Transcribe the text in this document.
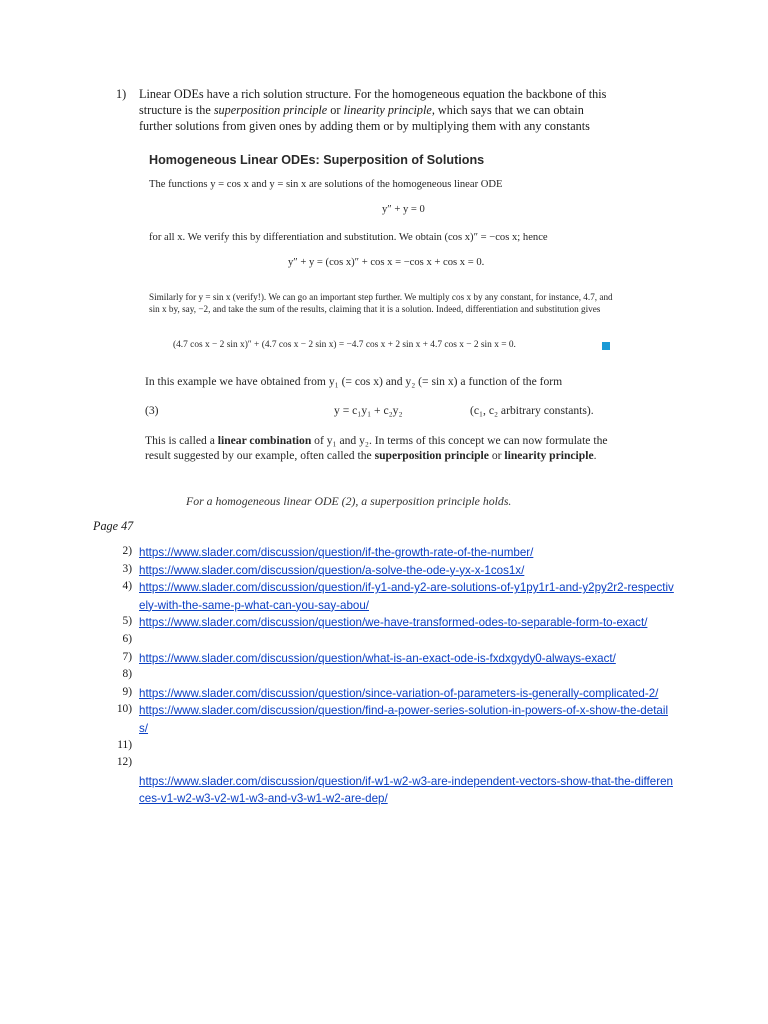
1) Linear ODEs have a rich solution structure. For the homogeneous equation the backbone of this structure is the superposition principle or linearity principle, which says that we can obtain further solutions from given ones by adding them or by multiplying them with any constants
Homogeneous Linear ODEs: Superposition of Solutions
The functions y = cos x and y = sin x are solutions of the homogeneous linear ODE
y″ + y = 0
for all x. We verify this by differentiation and substitution. We obtain (cos x)″ = −cos x; hence
y″ + y = (cos x)″ + cos x = −cos x + cos x = 0.
Similarly for y = sin x (verify!). We can go an important step further. We multiply cos x by any constant, for instance, 4.7, and sin x by, say, −2, and take the sum of the results, claiming that it is a solution. Indeed, differentiation and substitution gives
(4.7 cos x − 2 sin x)″ + (4.7 cos x − 2 sin x) = −4.7 cos x + 2 sin x + 4.7 cos x − 2 sin x = 0.
In this example we have obtained from y₁ (= cos x) and y₂ (= sin x) a function of the form
(3)	y = c₁y₁ + c₂y₂	(c₁, c₂ arbitrary constants).
This is called a linear combination of y₁ and y₂. In terms of this concept we can now formulate the result suggested by our example, often called the superposition principle or linearity principle.
For a homogeneous linear ODE (2), a superposition principle holds.
Page 47
2) https://www.slader.com/discussion/question/if-the-growth-rate-of-the-number/
3) https://www.slader.com/discussion/question/a-solve-the-ode-y-yx-x-1cos1x/
4) https://www.slader.com/discussion/question/if-y1-and-y2-are-solutions-of-y1py1r1-and-y2py2r2-respectively-with-the-same-p-what-can-you-say-abou/
5) https://www.slader.com/discussion/question/we-have-transformed-odes-to-separable-form-to-exact/
6)
7) https://www.slader.com/discussion/question/what-is-an-exact-ode-is-fxdxgydy0-always-exact/
8)
9) https://www.slader.com/discussion/question/since-variation-of-parameters-is-generally-complicated-2/
10) https://www.slader.com/discussion/question/find-a-power-series-solution-in-powers-of-x-show-the-details/
11)
12)
https://www.slader.com/discussion/question/if-w1-w2-w3-are-independent-vectors-show-that-the-differences-v1-w2-w3-v2-w1-w3-and-v3-w1-w2-are-dep/
